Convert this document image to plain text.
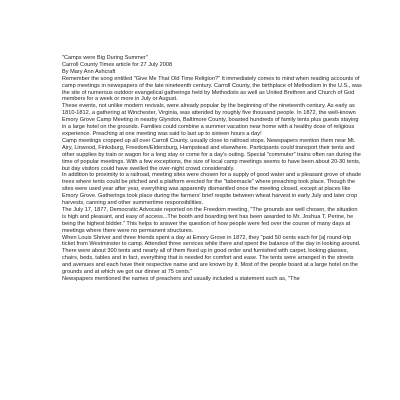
"Camps were Big During Summer"

Carroll County Times article for 27 July 2008

By Mary Ann Ashcraft

Remember the song entitled "Give Me That Old Time Religion?" It immediately comes to mind when reading accounts of camp meetings in newspapers of the late nineteenth century. Carroll County, the birthplace of Methodism in the U.S., was the site of numerous outdoor evangelical gatherings held by Methodists as well as United Brethren and Church of God members for a week or more in July or August.

These events, not unlike modern revivals, were already popular by the beginning of the nineteenth century. As early as 1810-1812, a gathering at Winchester, Virginia, was attended by roughly five thousand people. In 1872, the well-known Emory Grove Camp Meeting in nearby Glyndon, Baltimore County, boasted hundreds of family tents plus guests staying in a large hotel on the grounds. Families could combine a summer vacation near home with a healthy dose of religious experience. Preaching at one meeting was said to last up to sixteen hours a day!

Camp meetings cropped up all over Carroll County, usually close to railroad stops. Newspapers mention them near Mt. Airy, Linwood, Finksburg, Freedom/Eldersburg, Hampstead and elsewhere. Participants could transport their tents and other supplies by train or wagon for a long stay or come for a day's outing. Special "commuter" trains often ran during the time of popular meetings. With a few exceptions, the size of local camp meetings seems to have been about 20-30 tents, but day visitors could have swelled the over-night crowd considerably.

In addition to proximity to a railroad, meeting sites were chosen for a supply of good water and a pleasant grove of shade trees where tents could be pitched and a platform erected for the "tabernacle" where preaching took place. Though the sites were used year after year, everything was apparently dismantled once the meeting closed, except at places like Emory Grove. Gatherings took place during the farmers' brief respite between wheat harvest in early July and later crop harvests, canning and other summertime responsibilities.

The July 17, 1877, Democratic Advocate reported on the Freedom meeting, "The grounds are well chosen, the situation is high and pleasant, and easy of access...The booth and boarding tent has been awarded to Mr. Joshua T. Perine, he being the highest bidder." This helps to answer the question of how people were fed over the course of many days at meetings where there were no permanent structures.

When Louis Shriver and three friends spent a day at Emory Grove in 1872, they "paid 50 cents each for [a] round-trip ticket from Westminster to camp. Attended three services while there and spent the balance of the day in looking around. There were about 300 tents and nearly all of them fixed up in good order and furnished with carpet, looking glasses, chairs, beds, tables and in fact, everything that is needed for comfort and ease. The tents were arranged in the streets and avenues and each have their respective name and are known by it. Most of the people board at a large hotel on the grounds and at which we got our dinner at 75 cents."

Newspapers mentioned the names of preachers and usually included a statement such as, "The
